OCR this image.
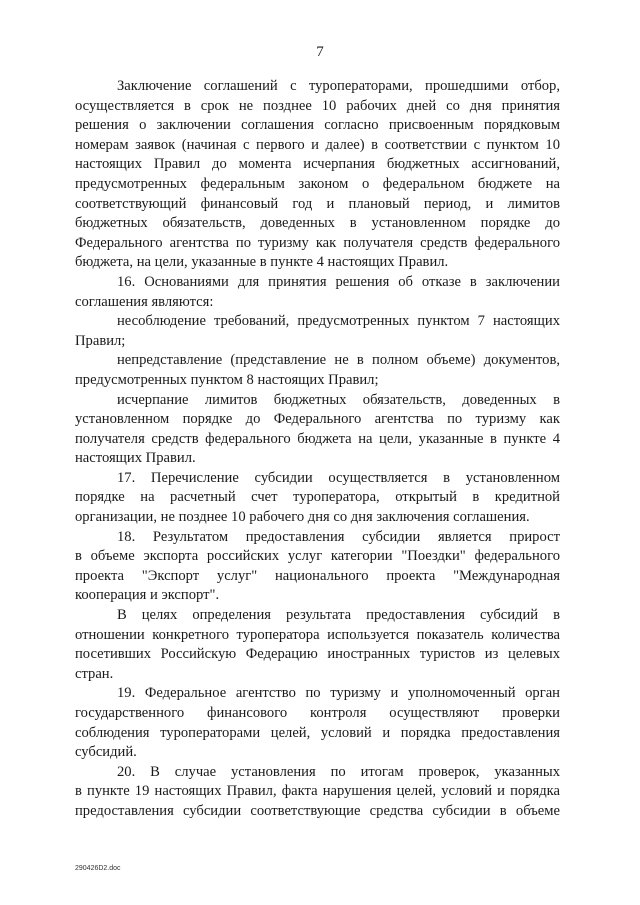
7
Заключение соглашений с туроператорами, прошедшими отбор,
осуществляется в срок не позднее 10 рабочих дней со дня принятия
решения о заключении соглашения согласно присвоенным порядковым
номерам заявок (начиная с первого и далее) в соответствии с пунктом 10
настоящих Правил до момента исчерпания бюджетных ассигнований,
предусмотренных федеральным законом о федеральном бюджете на
соответствующий финансовый год и плановый период, и лимитов
бюджетных обязательств, доведенных в установленном порядке до
Федерального агентства по туризму как получателя средств федерального
бюджета, на цели, указанные в пункте 4 настоящих Правил.
16. Основаниями для принятия решения об отказе в заключении
соглашения являются:
несоблюдение требований, предусмотренных пунктом 7 настоящих
Правил;
непредставление (представление не в полном объеме) документов,
предусмотренных пунктом 8 настоящих Правил;
исчерпание лимитов бюджетных обязательств, доведенных в
установленном порядке до Федерального агентства по туризму как
получателя средств федерального бюджета на цели, указанные в пункте 4
настоящих Правил.
17. Перечисление субсидии осуществляется в установленном
порядке на расчетный счет туроператора, открытый в кредитной
организации, не позднее 10 рабочего дня со дня заключения соглашения.
18. Результатом предоставления субсидии является прирост
в объеме экспорта российских услуг категории "Поездки" федерального
проекта "Экспорт услуг" национального проекта "Международная
кооперация и экспорт".
В целях определения результата предоставления субсидий в
отношении конкретного туроператора используется показатель количества
посетивших Российскую Федерацию иностранных туристов из целевых
стран.
19. Федеральное агентство по туризму и уполномоченный орган
государственного финансового контроля осуществляют проверки
соблюдения туроператорами целей, условий и порядка предоставления
субсидий.
20. В случае установления по итогам проверок, указанных
в пункте 19 настоящих Правил, факта нарушения целей, условий и порядка
предоставления субсидии соответствующие средства субсидии в объеме
290426D2.doc
